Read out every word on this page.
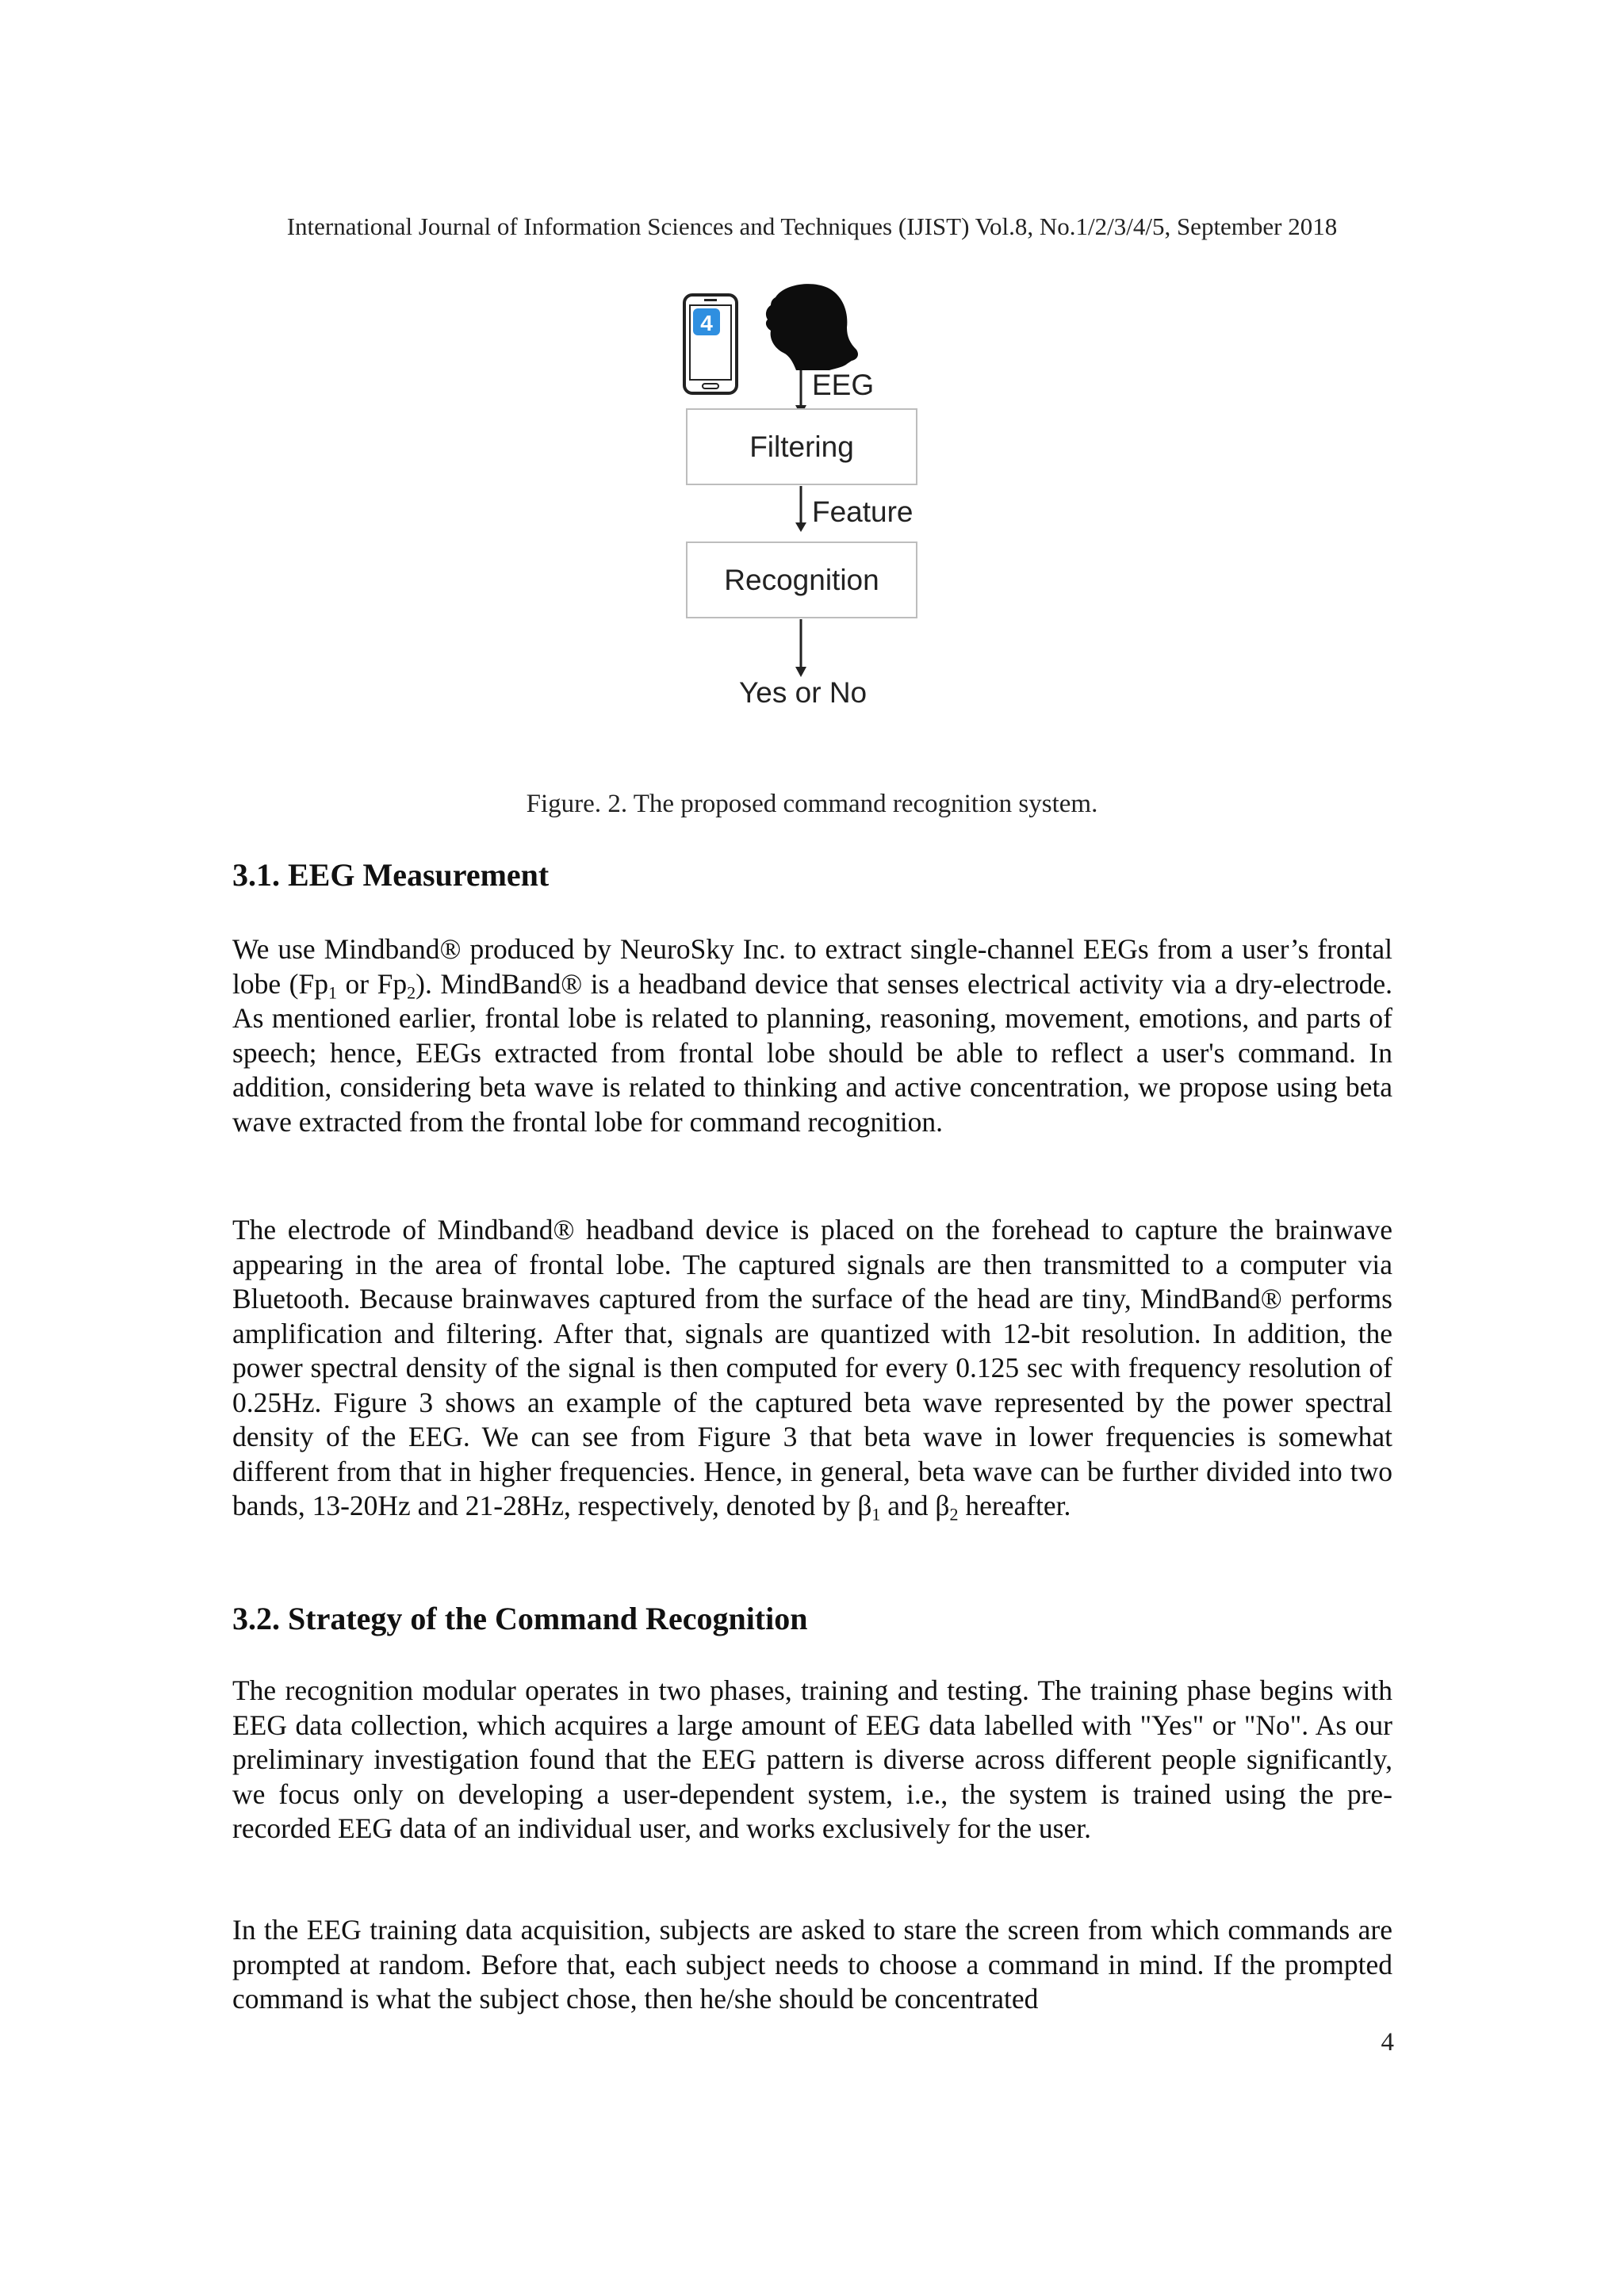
International Journal of Information Sciences and Techniques (IJIST) Vol.8, No.1/2/3/4/5, September 2018
4
EEG
Filtering
Feature
Recognition
Yes or No
Figure. 2. The proposed command recognition system.
3.1. EEG Measurement

We use Mindband® produced by NeuroSky Inc. to extract single-channel EEGs from a user’s frontal lobe ($Fp_1$ or $Fp_2$). MindBand® is a headband device that senses electrical activity via a dry-electrode. As mentioned earlier, frontal lobe is related to planning, reasoning, movement, emotions, and parts of speech; hence, EEGs extracted from frontal lobe should be able to reflect a user's command. In addition, considering beta wave is related to thinking and active concentration, we propose using beta wave extracted from the frontal lobe for command recognition.

The electrode of Mindband® headband device is placed on the forehead to capture the brainwave appearing in the area of frontal lobe. The captured signals are then transmitted to a computer via Bluetooth. Because brainwaves captured from the surface of the head are tiny, MindBand® performs amplification and filtering. After that, signals are quantized with 12-bit resolution. In addition, the power spectral density of the signal is then computed for every 0.125 sec with frequency resolution of 0.25Hz. Figure 3 shows an example of the captured beta wave represented by the power spectral density of the EEG. We can see from Figure 3 that beta wave in lower frequencies is somewhat different from that in higher frequencies. Hence, in general, beta wave can be further divided into two bands, 13-20Hz and 21-28Hz, respectively, denoted by $\beta_1$ and $\beta_2$ hereafter.

3.2. Strategy of the Command Recognition

The recognition modular operates in two phases, training and testing. The training phase begins with EEG data collection, which acquires a large amount of EEG data labelled with "Yes" or "No". As our preliminary investigation found that the EEG pattern is diverse across different people significantly, we focus only on developing a user-dependent system, i.e., the system is trained using the pre-recorded EEG data of an individual user, and works exclusively for the user.

In the EEG training data acquisition, subjects are asked to stare the screen from which commands are prompted at random. Before that, each subject needs to choose a command in mind. If the prompted command is what the subject chose, then he/she should be concentrated

4
